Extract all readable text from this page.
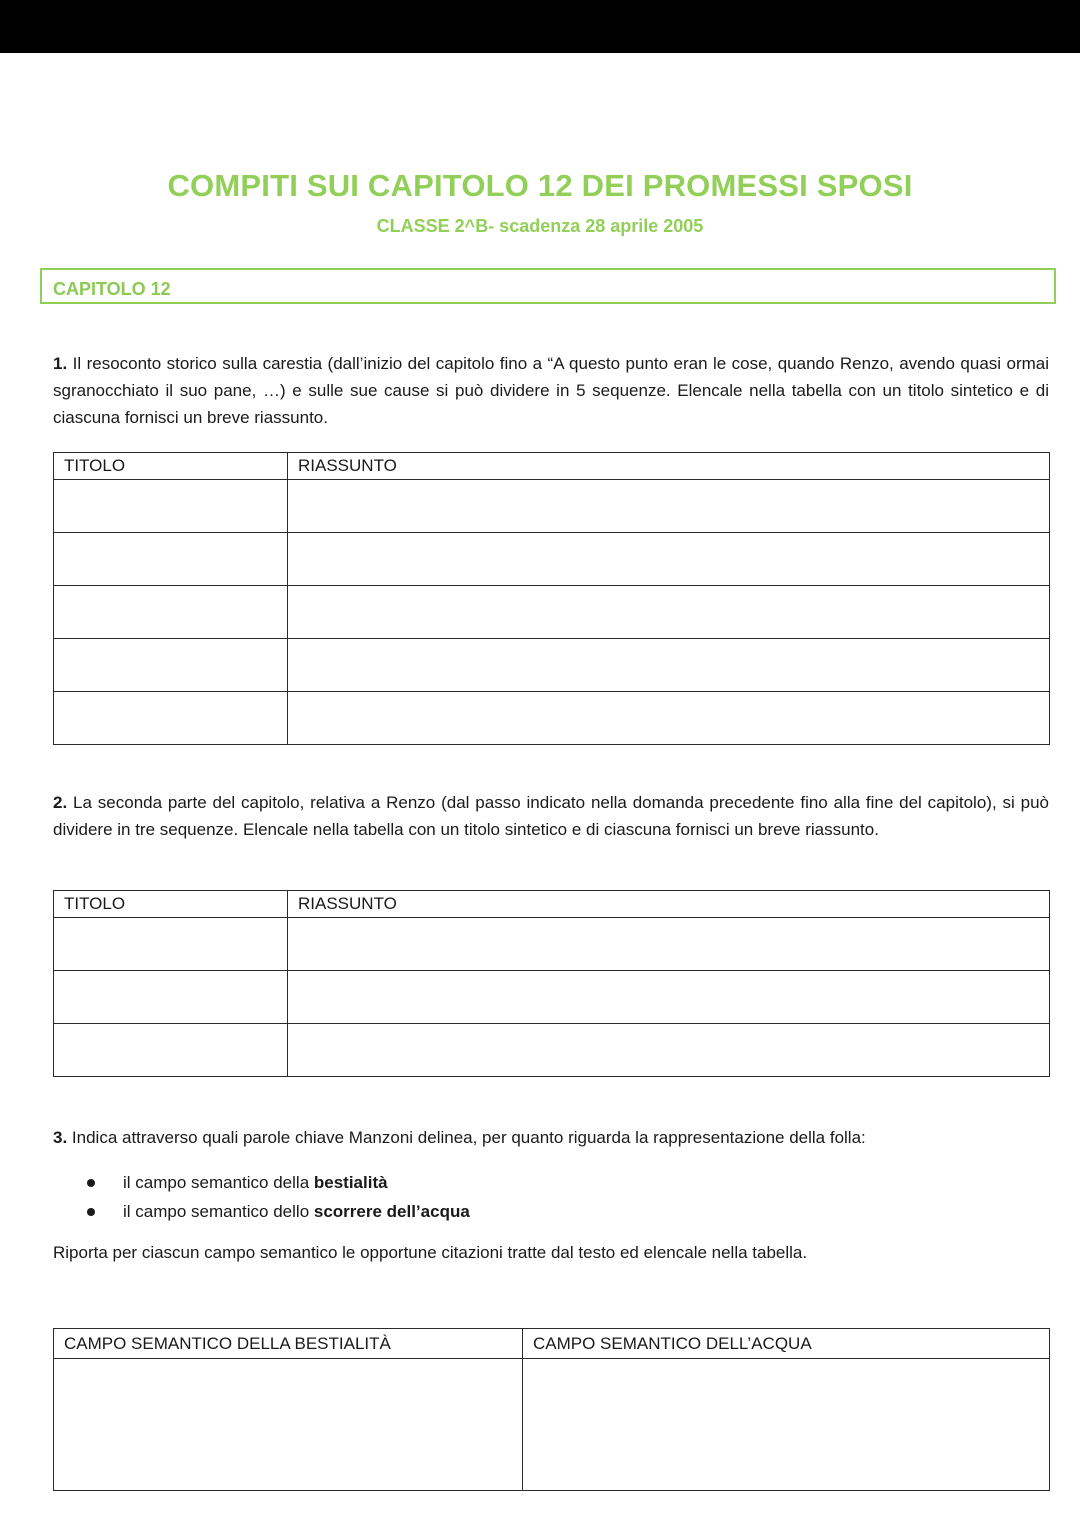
COMPITI SUI CAPITOLO 12 DEI PROMESSI SPOSI
CLASSE 2^B- scadenza 28 aprile 2005
CAPITOLO 12
1. Il resoconto storico sulla carestia (dall’inizio del capitolo fino a “A questo punto eran le cose, quando Renzo, avendo quasi ormai sgranocchiato il suo pane, …) e sulle sue cause si può dividere in 5 sequenze. Elencale nella tabella con un titolo sintetico e di ciascuna fornisci un breve riassunto.
TITOLO	RIASSUNTO

2. La seconda parte del capitolo, relativa a Renzo (dal passo indicato nella domanda precedente fino alla fine del capitolo), si può dividere in tre sequenze. Elencale nella tabella con un titolo sintetico e di ciascuna fornisci un breve riassunto.
TITOLO	RIASSUNTO

3. Indica attraverso quali parole chiave Manzoni delinea, per quanto riguarda la rappresentazione della folla:
il campo semantico della bestialità
il campo semantico dello scorrere dell’acqua
Riporta per ciascun campo semantico le opportune citazioni tratte dal testo ed elencale nella tabella.
CAMPO SEMANTICO DELLA BESTIALITÀ	CAMPO SEMANTICO DELL’ACQUA
